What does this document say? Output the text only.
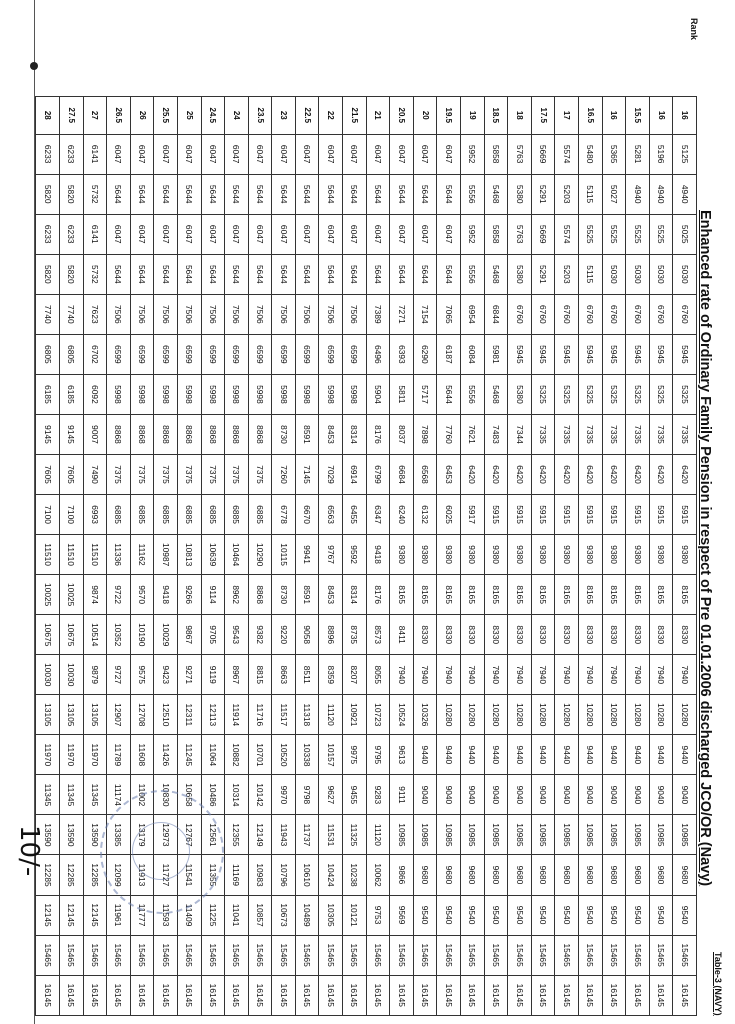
Table-3 (NAVY)
Enhanced rate of Ordinary Family Pension in respect of Pre 01.01.2006 discharged JCO/OR (Navy)
Rank
16	5125	4940	5025	5030	6760	5945	5325	7335	6420	5915	9380	8165	8330	7940	10280	9440	9040	10985	9680	9540	15465	16145
16	5196	4940	5525	5030	6760	5945	5325	7335	6420	5915	9380	8165	8330	7940	10280	9440	9040	10985	9680	9540	15465	16145
15.5	5281	4940	5525	5030	6760	5945	5325	7335	6420	5915	9380	8165	8330	7940	10280	9440	9040	10985	9680	9540	15465	16145
16	5365	5027	5525	5030	6760	5945	5325	7335	6420	5915	9380	8165	8330	7940	10280	9440	9040	10985	9680	9540	15465	16145
16.5	5480	5115	5525	5115	6760	5945	5325	7335	6420	5915	9380	8165	8330	7940	10280	9440	9040	10985	9680	9540	15465	16145
17	5574	5203	5574	5203	6760	5945	5325	7335	6420	5915	9380	8165	8330	7940	10280	9440	9040	10985	9680	9540	15465	16145
17.5	5669	5291	5669	5291	6760	5945	5325	7335	6420	5915	9380	8165	8330	7940	10280	9440	9040	10985	9680	9540	15465	16145
18	5763	5380	5763	5380	6760	5945	5380	7344	6420	5915	9380	8165	8330	7940	10280	9440	9040	10985	9680	9540	15465	16145
18.5	5858	5468	5858	5468	6844	5981	5468	7483	6420	5915	9380	8165	8330	7940	10280	9440	9040	10985	9680	9540	15465	16145
19	5952	5556	5952	5556	6954	6084	5556	7621	6420	5917	9380	8165	8330	7940	10280	9440	9040	10985	9680	9540	15465	16145
19.5	6047	5644	6047	5644	7065	6187	5644	7760	6453	6025	9380	8165	8330	7940	10280	9440	9040	10985	9680	9540	15465	16145
20	6047	5644	6047	5644	7154	6290	5717	7898	6568	6132	9380	8165	8330	7940	10326	9440	9040	10985	9680	9540	15465	16145
20.5	6047	5644	6047	5644	7271	6393	5811	8037	6684	6240	9380	8165	8411	7940	10524	9613	9111	10985	9866	9569	15465	16145
21	6047	5644	6047	5644	7389	6496	5904	8176	6799	6347	9418	8176	8573	8055	10723	9795	9283	11120	10062	9753	15465	16145
21.5	6047	5644	6047	5644	7506	6599	5998	8314	6914	6455	9592	8314	8735	8207	10921	9975	9455	11325	10238	10121	15465	16145
22	6047	5644	6047	5644	7506	6599	5998	8453	7029	6563	9767	8453	8896	8359	11120	10157	9627	11531	10424	10305	15465	16145
22.5	6047	5644	6047	5644	7506	6599	5998	8591	7145	6670	9941	8591	9058	8511	11318	10338	9798	11737	10610	10489	15465	16145
23	6047	5644	6047	5644	7506	6599	5998	8730	7260	6778	10115	8730	9220	8663	11517	10520	9970	11943	10796	10673	15465	16145
23.5	6047	5644	6047	5644	7506	6599	5998	8868	7375	6885	10290	8868	9382	8815	11716	10701	10142	12149	10983	10857	15465	16145
24	6047	5644	6047	5644	7506	6599	5998	8868	7375	6885	10464	8962	9543	8967	11914	10882	10314	12355	11169	11041	15465	16145
24.5	6047	5644	6047	5644	7506	6599	5998	8868	7375	6885	10639	9114	9705	9119	12113	11064	10486	12561	11355	11225	15465	16145
25	6047	5644	6047	5644	7506	6599	5998	8868	7375	6885	10813	9266	9867	9271	12311	11245	10658	12767	11541	11409	15465	16145
25.5	6047	5644	6047	5644	7506	6599	5998	8868	7375	6885	10987	9418	10029	9423	12510	11426	10830	12973	11727	11593	15465	16145
26	6047	5644	6047	5644	7506	6599	5998	8868	7375	6885	11162	9570	10190	9575	12708	11608	11002	13179	11913	11777	15465	16145
26.5	6047	5644	6047	5644	7506	6599	5998	8868	7375	6885	11336	9722	10352	9727	12907	11789	11174	13385	12099	11961	15465	16145
27	6141	5732	6141	5732	7623	6702	6092	9007	7490	6993	11510	9874	10514	9879	13105	11970	11345	13590	12285	12145	15465	16145
27.5	6233	5820	6233	5820	7740	6805	6185	9145	7605	7100	11510	10025	10675	10030	13105	11970	11345	13590	12285	12145	15465	16145
28	6233	5820	6233	5820	7740	6805	6185	9145	7605	7100	11510	10025	10675	10030	13105	11970	11345	13590	12285	12145	15465	16145
10/-
